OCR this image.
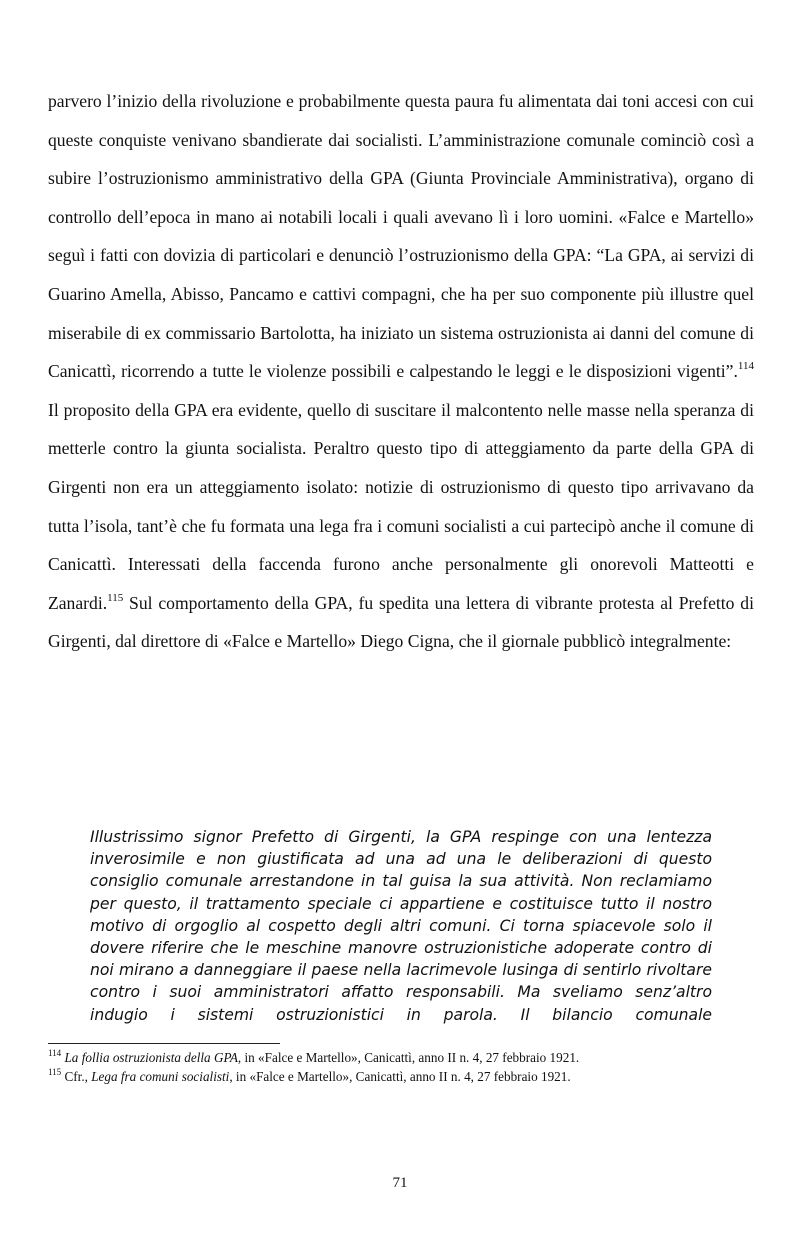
parvero l’inizio della rivoluzione e probabilmente questa paura fu alimentata dai toni accesi con cui queste conquiste venivano sbandierate dai socialisti. L’amministrazione comunale cominciò così a subire l’ostruzionismo amministrativo della GPA (Giunta Provinciale Amministrativa), organo di controllo dell’epoca in mano ai notabili locali i quali avevano lì i loro uomini. «Falce e Martello» seguì i fatti con dovizia di particolari e denunciò l’ostruzionismo della GPA: “La GPA, ai servizi di Guarino Amella, Abisso, Pancamo e cattivi compagni, che ha per suo componente più illustre quel miserabile di ex commissario Bartolotta, ha iniziato un sistema ostruzionista ai danni del comune di Canicattì, ricorrendo a tutte le violenze possibili e calpestando le leggi e le disposizioni vigenti”.$^{114}$ Il proposito della GPA era evidente, quello di suscitare il malcontento nelle masse nella speranza di metterle contro la giunta socialista. Peraltro questo tipo di atteggiamento da parte della GPA di Girgenti non era un atteggiamento isolato: notizie di ostruzionismo di questo tipo arrivavano da tutta l’isola, tant’è che fu formata una lega fra i comuni socialisti a cui partecipò anche il comune di Canicattì. Interessati della faccenda furono anche personalmente gli onorevoli Matteotti e Zanardi.$^{115}$ Sul comportamento della GPA, fu spedita una lettera di vibrante protesta al Prefetto di Girgenti, dal direttore di «Falce e Martello» Diego Cigna, che il giornale pubblicò integralmente:

Illustrissimo signor Prefetto di Girgenti, la GPA respinge con una lentezza inverosimile e non giustificata ad una ad una le deliberazioni di questo consiglio comunale arrestandone in tal guisa la sua attività. Non reclamiamo per questo, il trattamento speciale ci appartiene e costituisce tutto il nostro motivo di orgoglio al cospetto degli altri comuni. Ci torna spiacevole solo il dovere riferire che le meschine manovre ostruzionistiche adoperate contro di noi mirano a danneggiare il paese nella lacrimevole lusinga di sentirlo rivoltare contro i suoi amministratori affatto responsabili. Ma sveliamo senz’altro indugio i sistemi ostruzionistici in parola. Il bilancio comunale

$^{114}$ La follia ostruzionista della GPA, in «Falce e Martello», Canicattì, anno II n. 4, 27 febbraio 1921.
$^{115}$ Cfr., Lega fra comuni socialisti, in «Falce e Martello», Canicattì, anno II n. 4, 27 febbraio 1921.
71
